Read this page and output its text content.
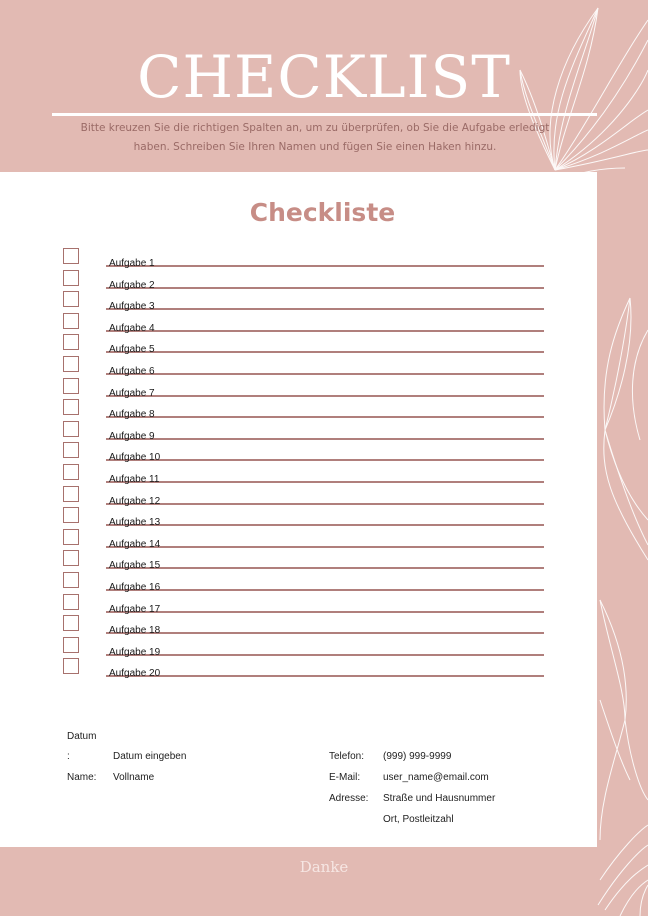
CHECKLIST
Bitte kreuzen Sie die richtigen Spalten an, um zu überprüfen, ob Sie die Aufgabe erledigt
haben. Schreiben Sie Ihren Namen und fügen Sie einen Haken hinzu.
Checkliste
Aufgabe 1
Aufgabe 2
Aufgabe 3
Aufgabe 4
Aufgabe 5
Aufgabe 6
Aufgabe 7
Aufgabe 8
Aufgabe 9
Aufgabe 10
Aufgabe 11
Aufgabe 12
Aufgabe 13
Aufgabe 14
Aufgabe 15
Aufgabe 16
Aufgabe 17
Aufgabe 18
Aufgabe 19
Aufgabe 20
Datum
:	Datum eingeben
Name: Vollname
Telefon: (999) 999-9999
E-Mail: user_name@email.com
Adresse: Straße und Hausnummer
Ort, Postleitzahl
Danke
